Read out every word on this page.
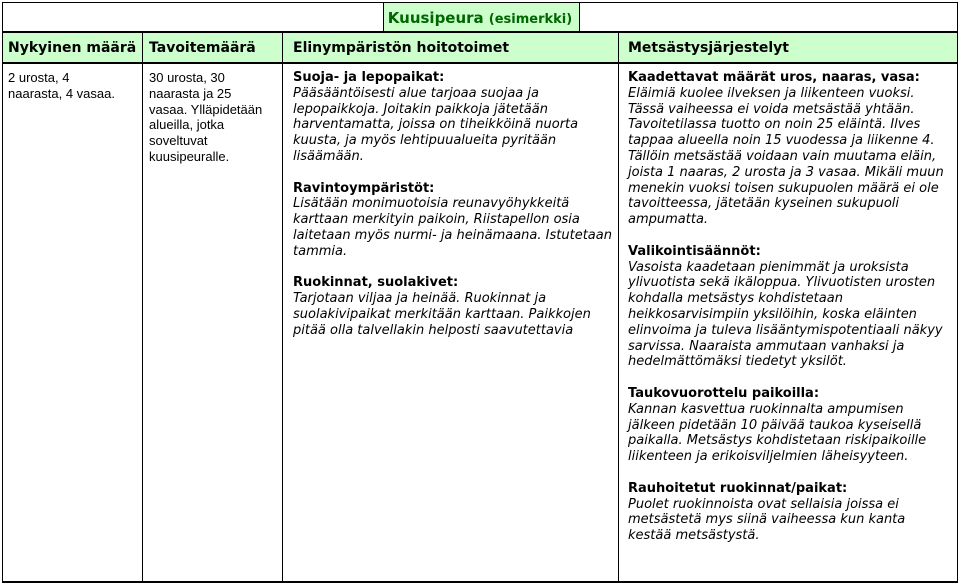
Kuusipeura (esimerkki)
Nykyinen määrä Tavoitemäärä	Elinympäristön hoitotoimet	Metsästysjärjestelyt
2 urosta, 4
naarasta, 4 vasaa.
30 urosta, 30
naarasta ja 25
vasaa. Ylläpidetään
alueilla, jotka
soveltuvat
kuusipeuralle.
Suoja- ja lepopaikat:
Pääsääntöisesti alue tarjoaa suojaa ja
lepopaikkoja. Joitakin paikkoja jätetään
harventamatta, joissa on tiheikköinä nuorta
kuusta, ja myös lehtipuualueita pyritään
lisäämään.
Ravintoympäristöt:
Lisätään monimuotoisia reunavyöhykkeitä
karttaan merkityin paikoin, Riistapellon osia
laitetaan myös nurmi- ja heinämaana. Istutetaan
tammia.
Ruokinnat, suolakivet:
Tarjotaan viljaa ja heinää. Ruokinnat ja
suolakivipaikat merkitään karttaan. Paikkojen
pitää olla talvellakin helposti saavutettavia
Kaadettavat määrät uros, naaras, vasa:
Eläimiä kuolee ilveksen ja liikenteen vuoksi.
Tässä vaiheessa ei voida metsästää yhtään.
Tavoitetilassa tuotto on noin 25 eläintä. Ilves
tappaa alueella noin 15 vuodessa ja liikenne 4.
Tällöin metsästää voidaan vain muutama eläin,
joista 1 naaras, 2 urosta ja 3 vasaa. Mikäli muun
menekin vuoksi toisen sukupuolen määrä ei ole
tavoitteessa, jätetään kyseinen sukupuoli
ampumatta.
Valikointisäännöt:
Vasoista kaadetaan pienimmät ja uroksista
ylivuotista sekä ikäloppua. Ylivuotisten urosten
kohdalla metsästys kohdistetaan
heikkosarvisimpiin yksilöihin, koska eläinten
elinvoima ja tuleva lisääntymispotentiaali näkyy
sarvissa. Naaraista ammutaan vanhaksi ja
hedelmättömäksi tiedetyt yksilöt.
Taukovuorottelu paikoilla:
Kannan kasvettua ruokinnalta ampumisen
jälkeen pidetään 10 päivää taukoa kyseisellä
paikalla. Metsästys kohdistetaan riskipaikoille
liikenteen ja erikoisviljelmien läheisyyteen.
Rauhoitetut ruokinnat/paikat:
Puolet ruokinnoista ovat sellaisia joissa ei
metsästetä mys siinä vaiheessa kun kanta
kestää metsästystä.
